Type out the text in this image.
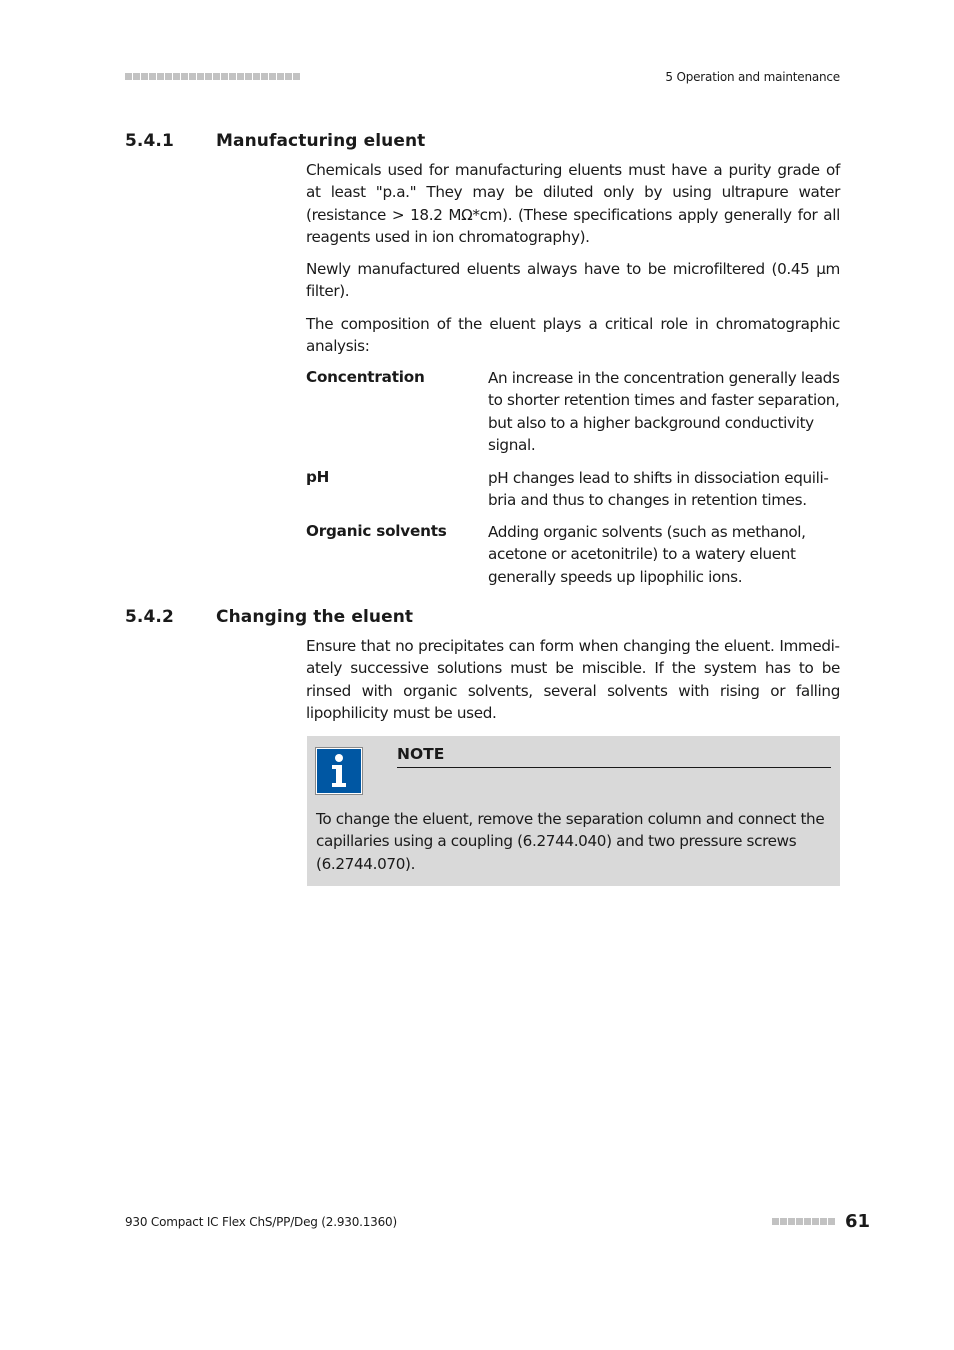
5 Operation and maintenance
5.4.1 Manufacturing eluent
Chemicals used for manufacturing eluents must have a purity grade of at least "p.a." They may be diluted only by using ultrapure water (resistance > 18.2 MΩ*cm). (These specifications apply generally for all reagents used in ion chromatography).
Newly manufactured eluents always have to be microfiltered (0.45 µm filter).
The composition of the eluent plays a critical role in chromatographic analysis:
Concentration	An increase in the concentration generally leads to shorter retention times and faster separation, but also to a higher background conductivity signal.
pH	pH changes lead to shifts in dissociation equilibria and thus to changes in retention times.
Organic solvents	Adding organic solvents (such as methanol, acetone or acetonitrile) to a watery eluent generally speeds up lipophilic ions.
5.4.2 Changing the eluent
Ensure that no precipitates can form when changing the eluent. Immediately successive solutions must be miscible. If the system has to be rinsed with organic solvents, several solvents with rising or falling lipophilicity must be used.
NOTE
To change the eluent, remove the separation column and connect the capillaries using a coupling (6.2744.040) and two pressure screws (6.2744.070).
930 Compact IC Flex ChS/PP/Deg (2.930.1360)	61
